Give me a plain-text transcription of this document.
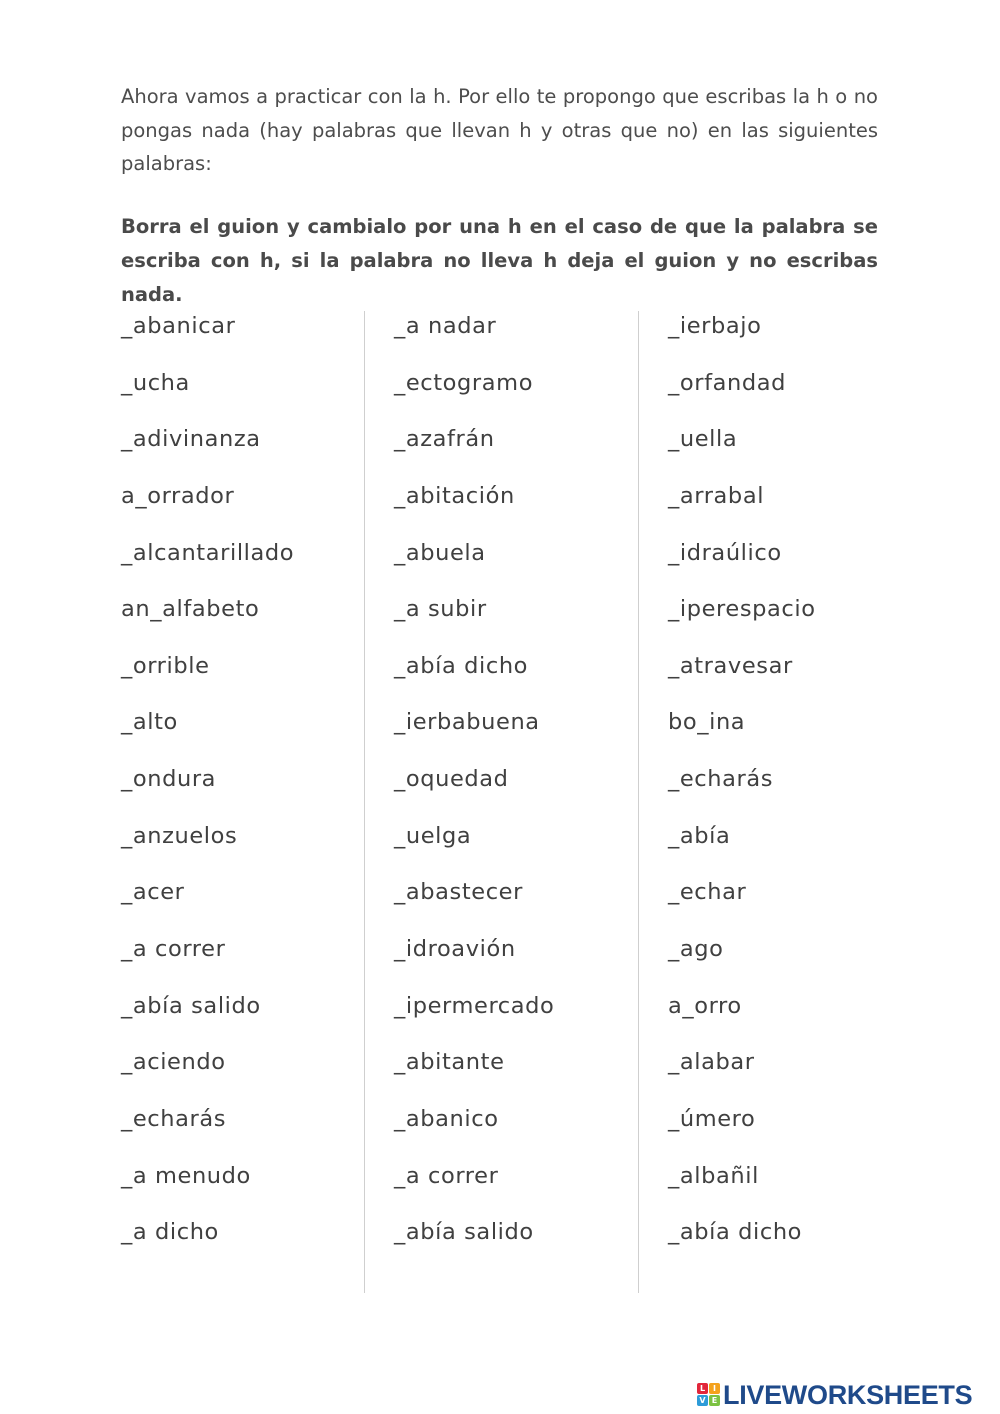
Ahora vamos a practicar con la h. Por ello te propongo que escribas la h o no pongas nada (hay palabras que llevan h y otras que no) en las siguientes palabras:

Borra el guion y cambialo por una h en el caso de que la palabra se escriba con h, si la palabra no lleva h deja el guion y no escribas nada.

_abanicar
_ucha
_adivinanza
a_orrador
_alcantarillado
an_alfabeto
_orrible
_alto
_ondura
_anzuelos
_acer
_a correr
_abía salido
_aciendo
_echarás
_a menudo
_a dicho
_a nadar
_ectogramo
_azafrán
_abitación
_abuela
_a subir
_abía dicho
_ierbabuena
_oquedad
_uelga
_abastecer
_idroavión
_ipermercado
_abitante
_abanico
_a correr
_abía salido
_ierbajo
_orfandad
_uella
_arrabal
_idraúlico
_iperespacio
_atravesar
bo_ina
_echarás
_abía
_echar
_ago
a_orro
_alabar
_úmero
_albañil
_abía dicho
L I
V E LIVEWORKSHEETS
